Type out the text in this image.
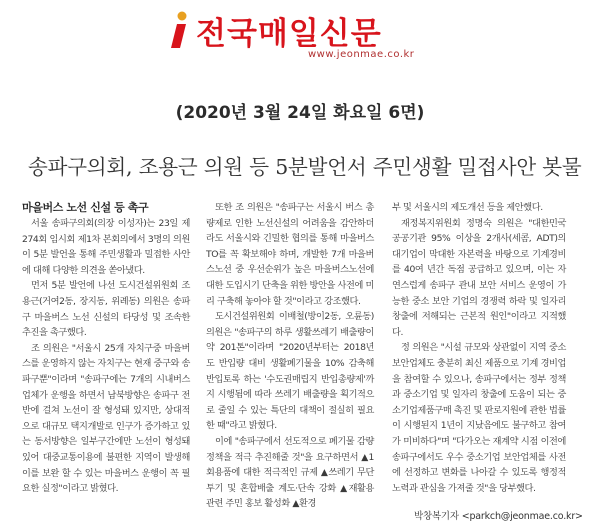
전국매일신문
www.jeonmae.co.kr
(2020년 3월 24일 화요일 6면)
송파구의회, 조용근 의원 등 5분발언서 주민생활 밀접사안 봇물

마을버스 노선 신설 등 촉구

서울 송파구의회(의장 이성자)는 23일 제274회 임시회 제1차 본회의에서 3명의 의원이 5분 발언을 통해 주민생활과 밀접한 사안에 대해 다양한 의견을 쏟아냈다.

먼저 5분 발언에 나선 도시건설위원회 조용근(거여2동, 장지동, 위례동) 의원은 송파구 마을버스 노선 신설의 타당성 및 조속한 추진을 촉구했다.

조 의원은 "서울시 25개 자치구중 마을버스를 운영하지 않는 자치구는 현재 중구와 송파구뿐"이라며 "송파구에는 7개의 시내버스 업체가 운행을 하면서 남북방향은 송파구 전반에 걸쳐 노선이 잘 형성돼 있지만, 상대적으로 대규모 택지개발로 인구가 증가하고 있는 동서방향은 일부구간에만 노선이 형성돼 있어 대중교통이용에 불편한 지역이 발생해 이를 보완 할 수 있는 마을버스 운행이 꼭 필요한 실정"이라고 밝혔다.

또한 조 의원은 "송파구는 서울시 버스 총량제로 인한 노선신설의 어려움을 감안하더라도 서울시와 긴밀한 협의를 통해 마을버스 TO를 꼭 확보해야 하며, 개발한 7개 마을버스노선 중 우선순위가 높은 마을버스노선에 대한 도입시기 단축을 위한 방안을 사전에 미리 구축해 놓아야 할 것"이라고 강조했다.

도시건설위원회 이배철(방이2동, 오륜동) 의원은 "송파구의 하루 생활쓰레기 배출량이 약 201톤"이라며 "2020년부터는 2018년도 반입량 대비 생활폐기물을 10% 감축해 반입토록 하는 '수도권매립지 반입총량제'까지 시행됨에 따라 쓰레기 배출량을 획기적으로 줄일 수 있는 특단의 대책이 절실히 필요한 때"라고 밝혔다.

이에 "송파구에서 선도적으로 폐기물 감량 정책을 적극 추진해줄 것"을 요구하면서 ▲1회용품에 대한 적극적인 규제 ▲쓰레기 무단투기 및 혼합배출 계도·단속 강화 ▲재활용 관련 주민 홍보 활성화 ▲환경

부 및 서울시의 제도개선 등을 제안했다.

재정복지위원회 정명숙 의원은 "대한민국 공공기관 95% 이상을 2개사(세콤, ADT)의 대기업이 막대한 자본력을 바탕으로 기계경비를 40여 년간 독점 공급하고 있으며, 이는 자연스럽게 송파구 관내 보안 서비스 운영이 가능한 중소 보안 기업의 경쟁력 하락 및 일자리 창출에 저해되는 근본적 원인"이라고 지적했다.

정 의원은 "시설 규모와 상관없이 지역 중소 보안업체도 충분히 최신 제품으로 기계 경비업을 참여할 수 있으나, 송파구에서는 정부 정책과 중소기업 및 일자리 창출에 도움이 되는 중소기업제품구매 촉진 및 판로지원에 관한 법률이 시행된지 1년이 지났음에도 불구하고 참여가 미비하다"며 "다가오는 재계약 시점 이전에 송파구에서도 우수 중소기업 보안업체를 사전에 선정하고 변화를 나아갈 수 있도록 행정적 노력과 관심을 가져줄 것"을 당부했다.

박창복기자 <parkch@jeonmae.co.kr>
